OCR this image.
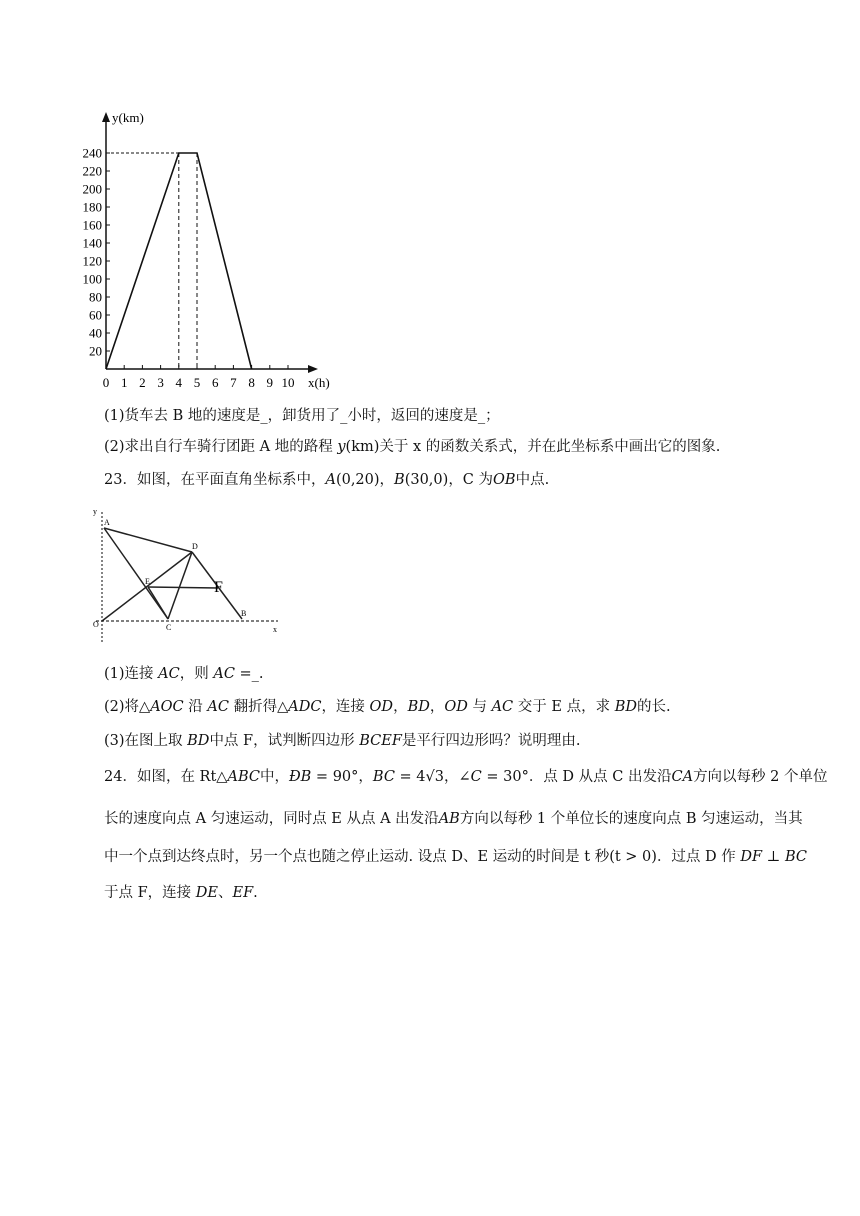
y(km)
x(h)
20
40
60
80
100
120
140
160
180
200
220
240
0 1 2 3 4 5 6 7 8 9 10
(1)货车去 B 地的速度是_，卸货用了_小时，返回的速度是_；
(2)求出自行车骑行团距 A 地的路程 y(km)关于 x 的函数关系式，并在此坐标系中画出它的图象.
23．如图，在平面直角坐标系中，A(0,20)，B(30,0)，C 为OB中点.
y
x
A
D
E	F
O	C
B
(1)连接 AC，则 AC =_.
(2)将△AOC 沿 AC 翻折得△ADC，连接 OD，BD，OD 与 AC 交于 E 点，求 BD的长.
(3)在图上取 BD中点 F，试判断四边形 BCEF是平行四边形吗？说明理由.
24．如图，在 Rt△ABC中，ÐB = 90°，BC = 4√3，∠C = 30°．点 D 从点 C 出发沿CA方向以每秒 2 个单位
长的速度向点 A 匀速运动，同时点 E 从点 A 出发沿AB方向以每秒 1 个单位长的速度向点 B 匀速运动，当其
中一个点到达终点时，另一个点也随之停止运动. 设点 D、E 运动的时间是 t 秒(t > 0)．过点 D 作 DF ⊥ BC
于点 F，连接 DE、EF.
